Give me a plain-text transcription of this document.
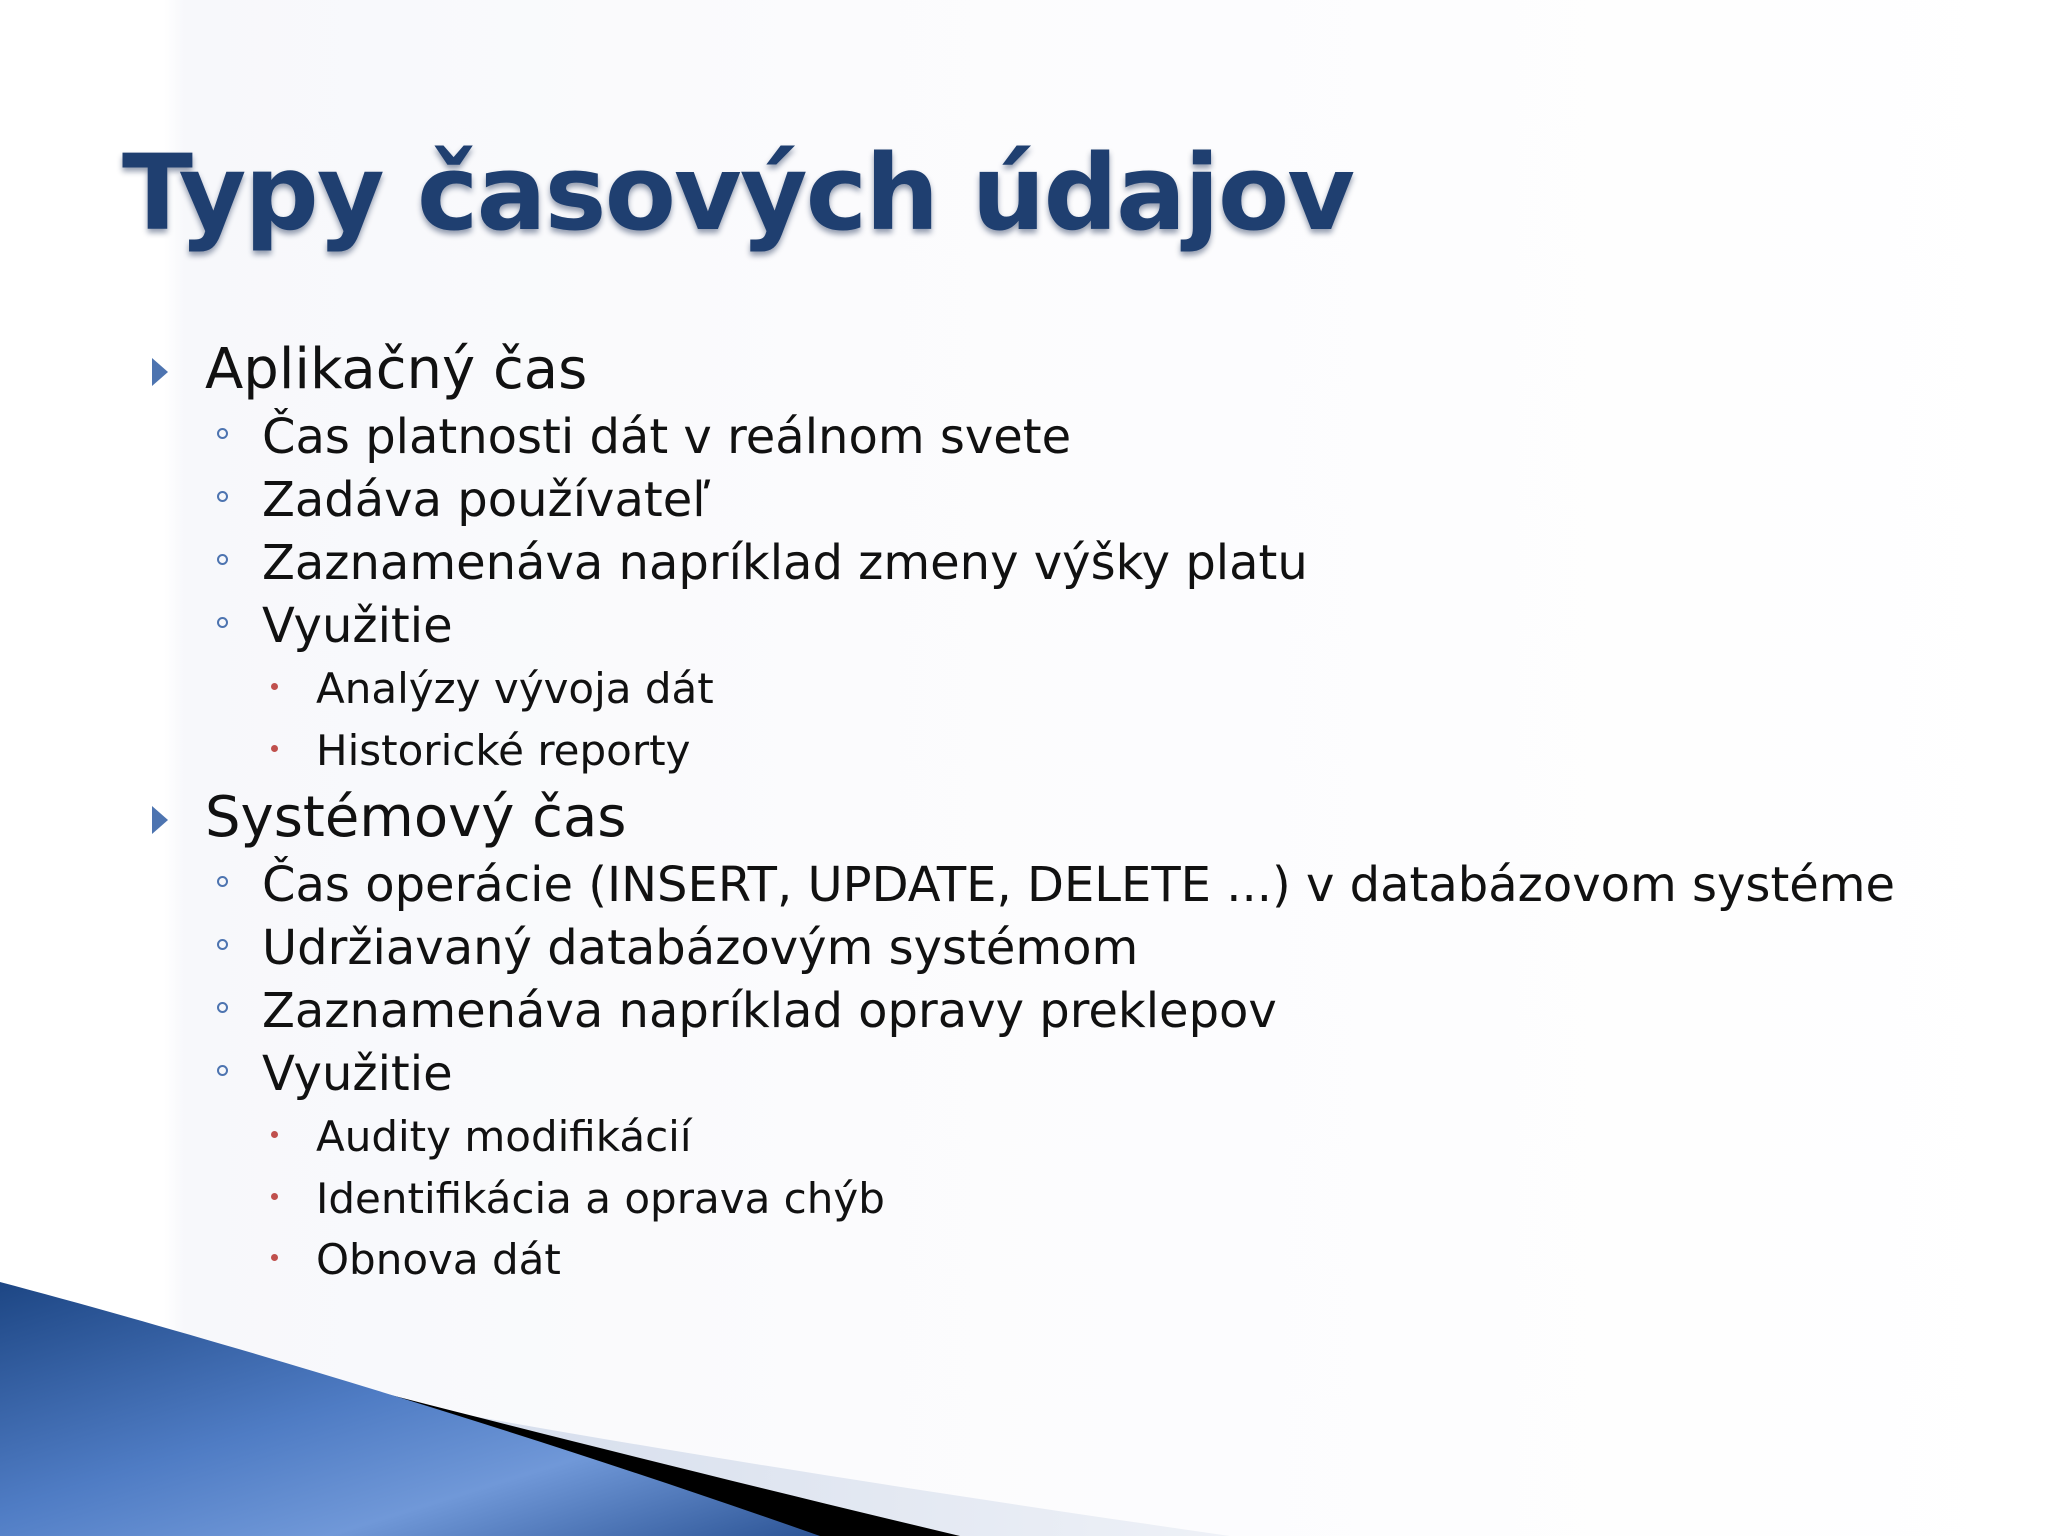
Typy časových údajov
Aplikačný čas
Čas platnosti dát v reálnom svete
Zadáva používateľ
Zaznamenáva napríklad zmeny výšky platu
Využitie
Analýzy vývoja dát
Historické reporty
Systémový čas
Čas operácie (INSERT, UPDATE, DELETE ...) v databázovom systéme
Udržiavaný databázovým systémom
Zaznamenáva napríklad opravy preklepov
Využitie
Audity modifikácií
Identifikácia a oprava chýb
Obnova dát
